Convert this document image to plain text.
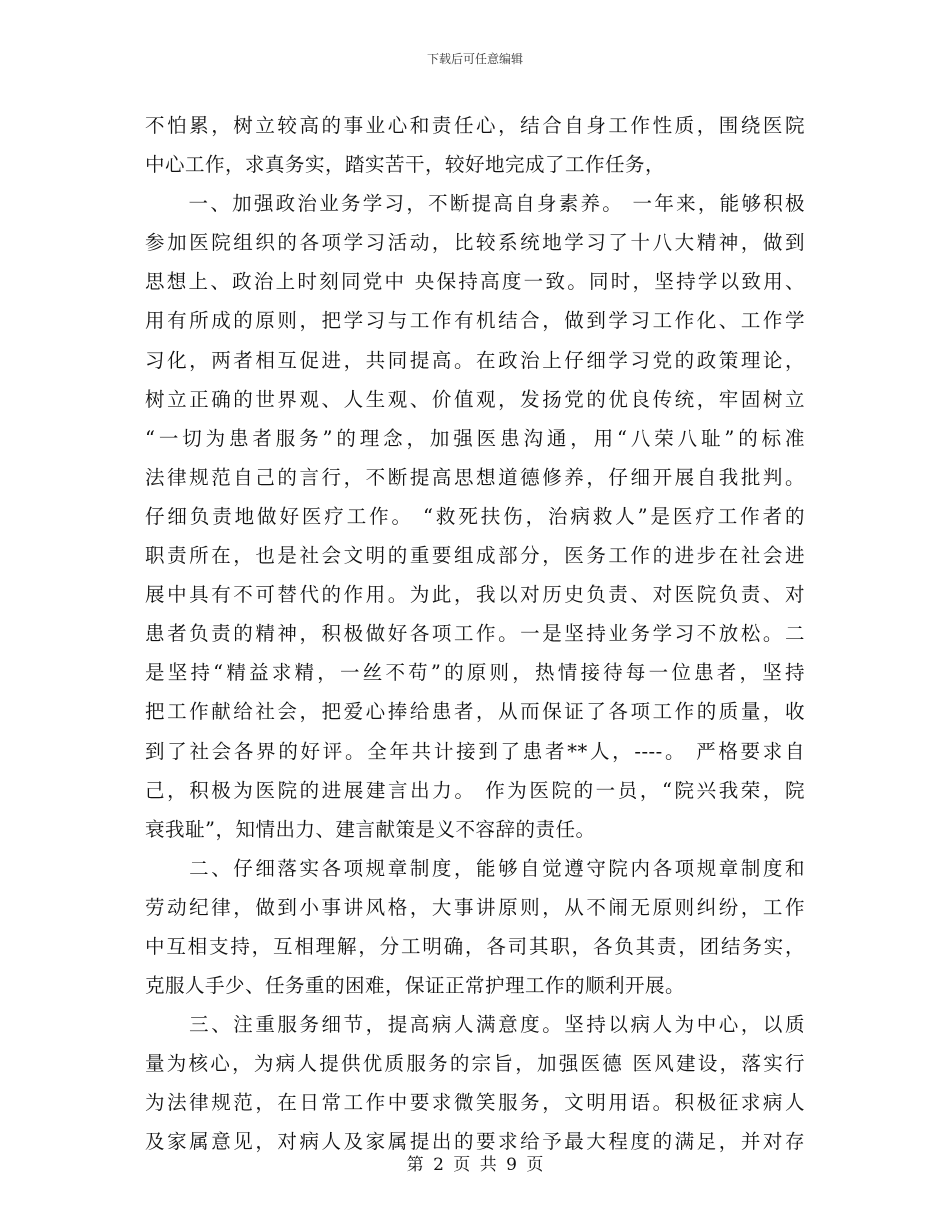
下载后可任意编辑
不怕累，树立较高的事业心和责任心，结合自身工作性质，围绕医院
中心工作，求真务实，踏实苦干，较好地完成了工作任务，
　　一、加强政治业务学习，不断提高自身素养。 一年来，能够积极
参加医院组织的各项学习活动，比较系统地学习了十八大精神，做到
思想上、政治上时刻同党中 央保持高度一致。同时，坚持学以致用、
用有所成的原则，把学习与工作有机结合，做到学习工作化、工作学
习化，两者相互促进，共同提高。在政治上仔细学习党的政策理论，
树立正确的世界观、人生观、价值观，发扬党的优良传统，牢固树立
“一切为患者服务”的理念，加强医患沟通，用“八荣八耻”的标准
法律规范自己的言行，不断提高思想道德修养，仔细开展自我批判。
仔细负责地做好医疗工作。 “救死扶伤，治病救人”是医疗工作者的
职责所在，也是社会文明的重要组成部分，医务工作的进步在社会进
展中具有不可替代的作用。为此，我以对历史负责、对医院负责、对
患者负责的精神，积极做好各项工作。一是坚持业务学习不放松。二
是坚持“精益求精，一丝不苟”的原则，热情接待每一位患者，坚持
把工作献给社会，把爱心捧给患者，从而保证了各项工作的质量，收
到了社会各界的好评。全年共计接到了患者**人，----。 严格要求自
己，积极为医院的进展建言出力。 作为医院的一员，“院兴我荣，院
衰我耻”，知情出力、建言献策是义不容辞的责任。
　　二、仔细落实各项规章制度，能够自觉遵守院内各项规章制度和
劳动纪律，做到小事讲风格，大事讲原则，从不闹无原则纠纷，工作
中互相支持，互相理解，分工明确，各司其职，各负其责，团结务实，
克服人手少、任务重的困难，保证正常护理工作的顺利开展。
　　三、注重服务细节，提高病人满意度。坚持以病人为中心，以质
量为核心，为病人提供优质服务的宗旨，加强医德 医风建设，落实行
为法律规范，在日常工作中要求微笑服务，文明用语。积极征求病人
及家属意见，对病人及家属提出的要求给予最大程度的满足，并对存
第 2 页 共 9 页
